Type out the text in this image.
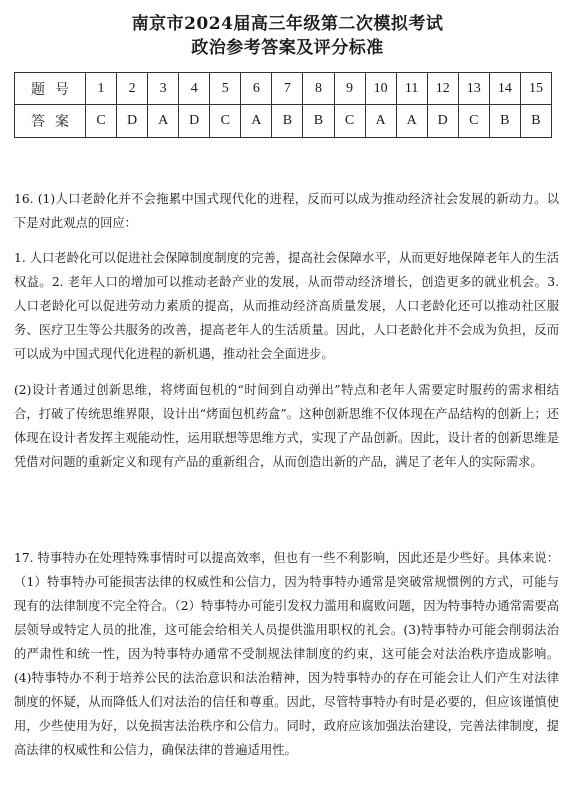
南京市2024届高三年级第二次模拟考试
政治参考答案及评分标准
题号	1	2	3	4	5	6	7	8	9	10	11	12	13	14	15
答案	C	D	A	D	C	A	B	B	C	A	A	D	C	B	B

16. (1)人口老龄化并不会拖累中国式现代化的进程，反而可以成为推动经济社会发展的新动力。以下是对此观点的回应：

1. 人口老龄化可以促进社会保障制度制度的完善，提高社会保障水平，从而更好地保障老年人的生活权益。2. 老年人口的增加可以推动老龄产业的发展，从而带动经济增长，创造更多的就业机会。3. 人口老龄化可以促进劳动力素质的提高，从而推动经济高质量发展，人口老龄化还可以推动社区服务、医疗卫生等公共服务的改善，提高老年人的生活质量。因此，人口老龄化并不会成为负担，反而可以成为中国式现代化进程的新机遇，推动社会全面进步。

(2)设计者通过创新思维，将烤面包机的“时间到自动弹出”特点和老年人需要定时服药的需求相结合，打破了传统思维界限，设计出“烤面包机药盒”。这种创新思维不仅体现在产品结构的创新上；还体现在设计者发挥主观能动性，运用联想等思维方式，实现了产品创新。因此，设计者的创新思维是凭借对问题的重新定义和现有产品的重新组合，从而创造出新的产品，满足了老年人的实际需求。

17. 特事特办在处理特殊事情时可以提高效率，但也有一些不利影响，因此还是少些好。具体来说：（1）特事特办可能损害法律的权威性和公信力，因为特事特办通常是突破常规惯例的方式，可能与现有的法律制度不完全符合。（2）特事特办可能引发权力滥用和腐败问题，因为特事特办通常需要高层领导或特定人员的批准，这可能会给相关人员提供滥用职权的礼会。(3)特事特办可能会削弱法治的严肃性和统一性，因为特事特办通常不受制规法律制度的约束，这可能会对法治秩序造成影响。(4)特事特办不利于培养公民的法治意识和法治精神，因为特事特办的存在可能会让人们产生对法律制度的怀疑，从而降低人们对法治的信任和尊重。因此，尽管特事特办有时是必要的，但应该谨慎使用，少些使用为好，以免损害法治秩序和公信力。同时，政府应该加强法治建设，完善法律制度，提高法律的权威性和公信力，确保法律的普遍适用性。
